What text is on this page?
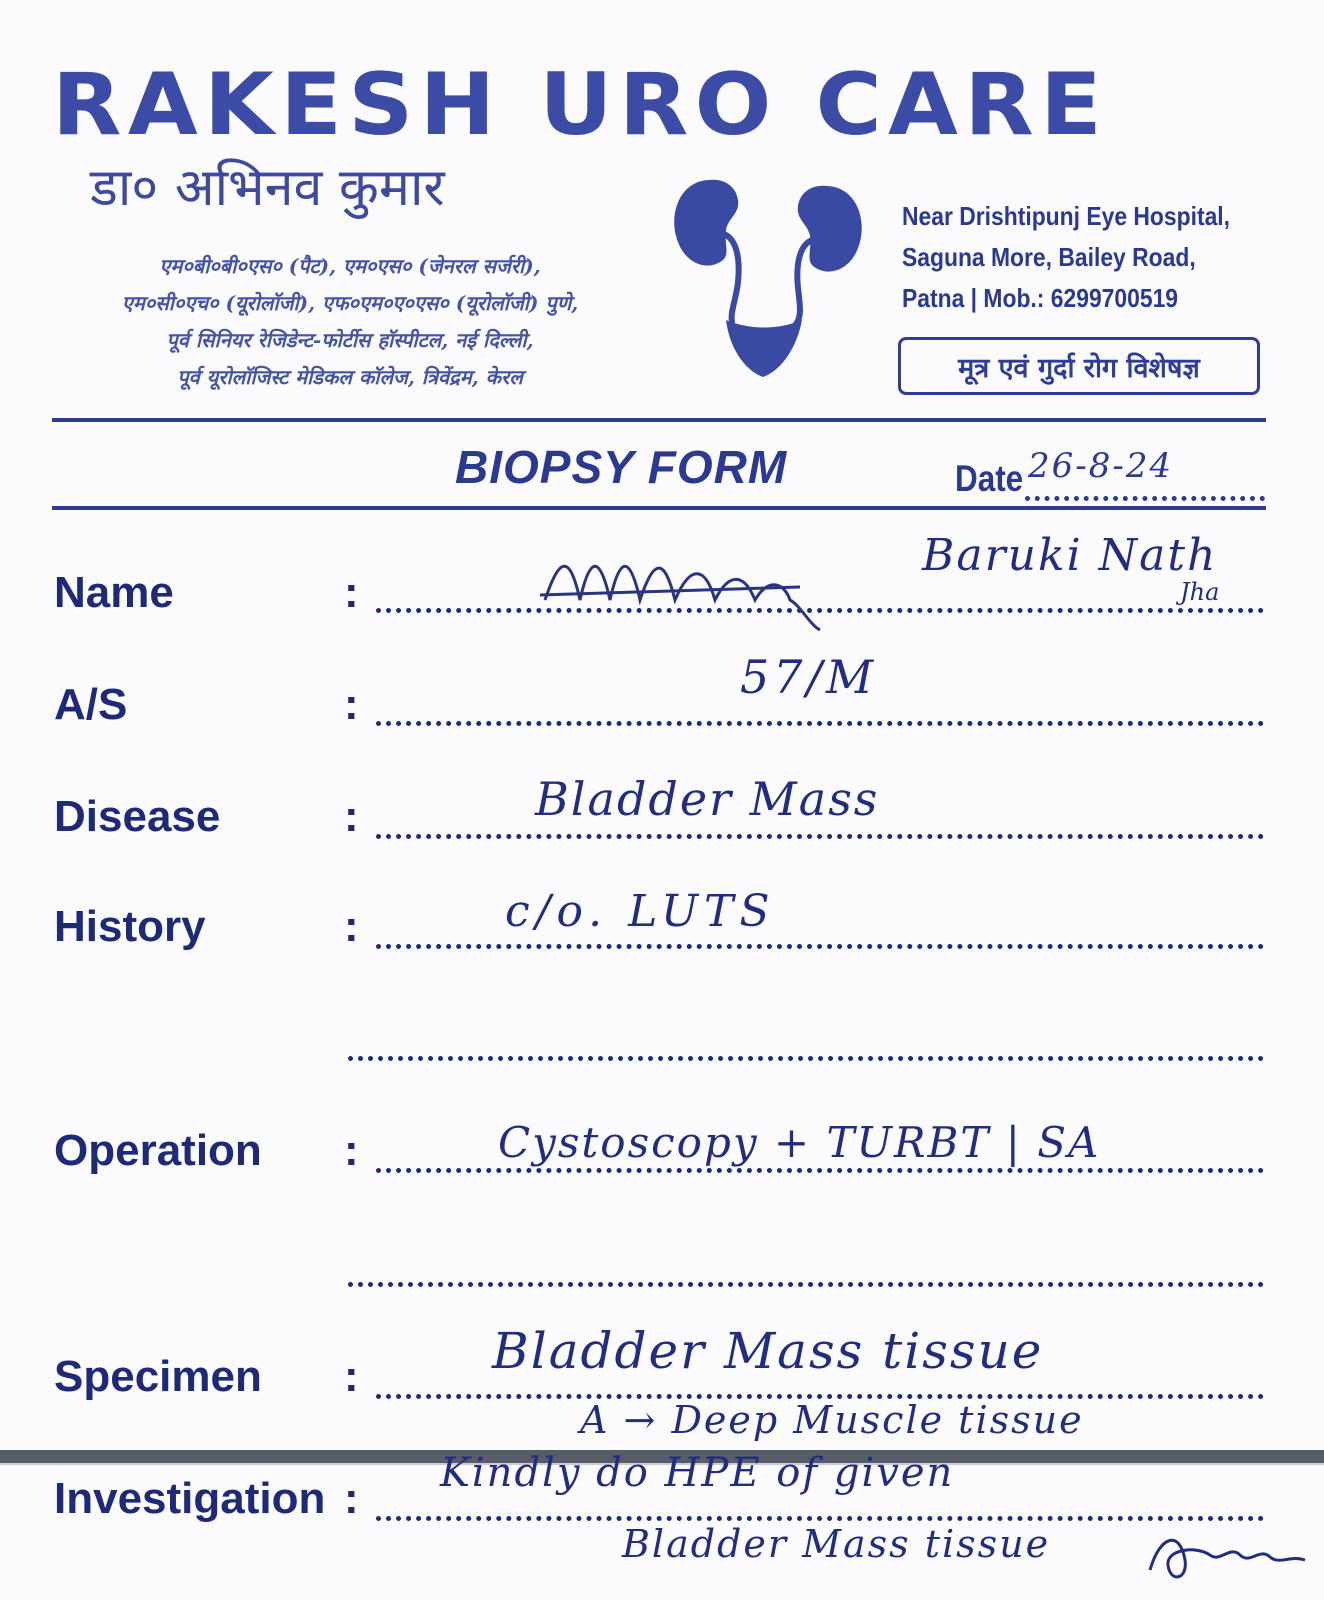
RAKESH URO CARE
डा० अभिनव कुमार
एम०बी०बी०एस० (पैट), एम०एस० (जेनरल सर्जरी),
एम०सी०एच० (यूरोलॉजी), एफ०एम०ए०एस० (यूरोलॉजी) पुणे,
पूर्व सिनियर रेजिडेन्ट-फोर्टीस हॉस्पीटल, नई दिल्ली,
पूर्व यूरोलॉजिस्ट मेडिकल कॉलेज, त्रिवेंद्रम, केरल
Near Drishtipunj Eye Hospital,
Saguna More, Bailey Road,
Patna | Mob.: 6299700519
मूत्र एवं गुर्दा रोग विशेषज्ञ
BIOPSY FORM	Date 26-8-24
Name	:
Baruki Nath
Jha
A/S	:
57/M
Disease	:	Bladder Mass
History	:	c/o. LUTS
Operation :	Cystoscopy + TURBT | SA
Specimen :	Bladder Mass tissue
A → Deep Muscle tissue
Investigation :
Kindly do HPE of given
Bladder Mass tissue
